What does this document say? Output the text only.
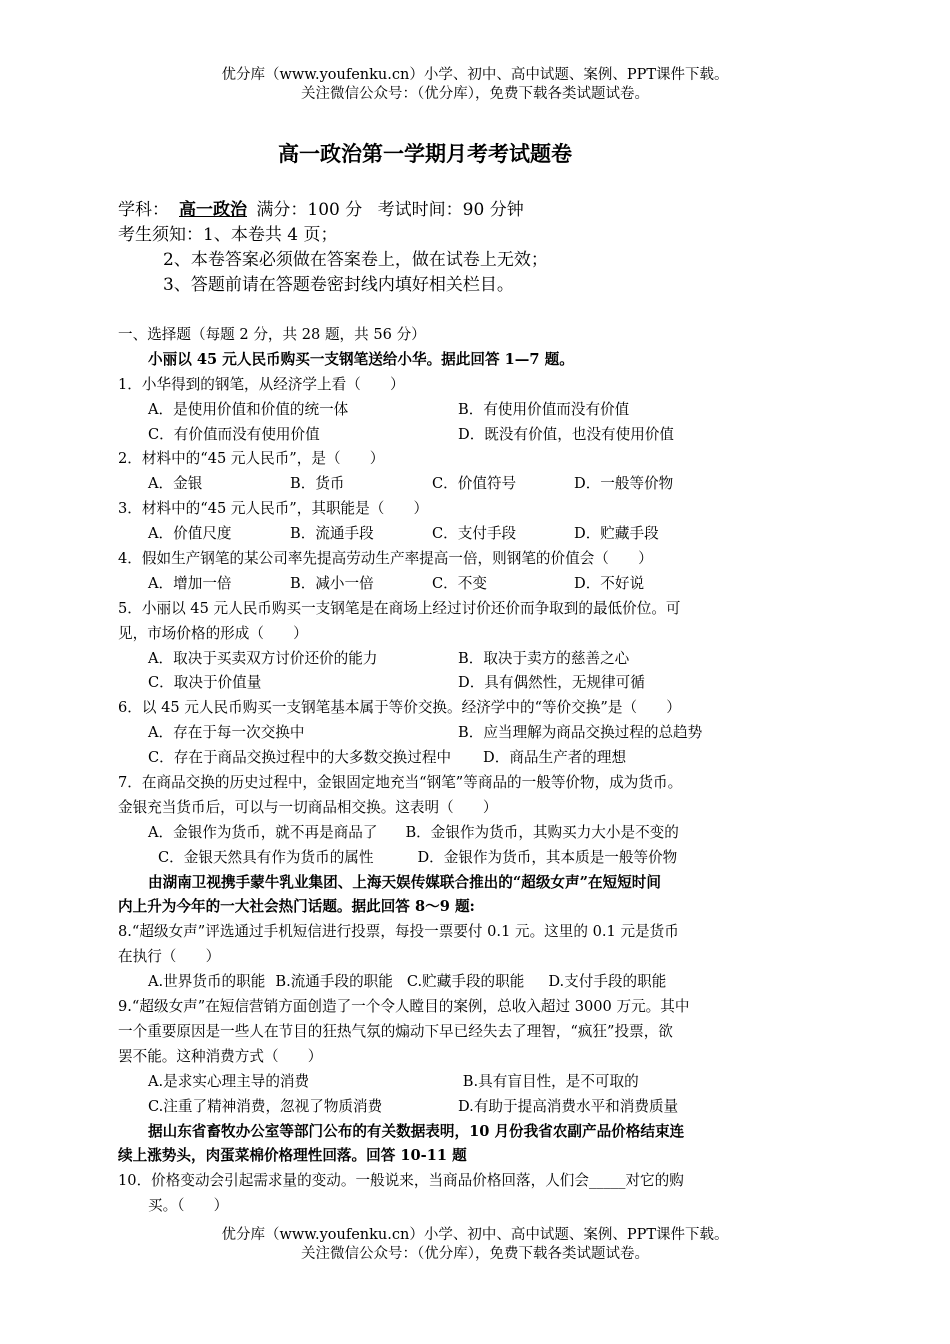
优分库（www.youfenku.cn）小学、初中、高中试题、案例、PPT课件下载。
关注微信公众号：（优分库），免费下载各类试题试卷。
高一政治第一学期月考考试题卷
学科： 高一政治 满分：100 分 考试时间：90 分钟
考生须知：1、本卷共 4 页；
2、本卷答案必须做在答案卷上，做在试卷上无效；
3、答题前请在答题卷密封线内填好相关栏目。
一、选择题（每题 2 分，共 28 题，共 56 分）
小丽以 45 元人民币购买一支钢笔送给小华。据此回答 1—7 题。
1．小华得到的钢笔，从经济学上看（　　）
A．是使用价值和价值的统一体	B．有使用价值而没有价值
C．有价值而没有使用价值	D．既没有价值，也没有使用价值
2．材料中的“45 元人民币”，是（　　）
A．金银	B．货币	C．价值符号	D．一般等价物
3．材料中的“45 元人民币”，其职能是（　　）
A．价值尺度	B．流通手段	C．支付手段	D．贮藏手段
4．假如生产钢笔的某公司率先提高劳动生产率提高一倍，则钢笔的价值会（　　）
A．增加一倍	B．减小一倍	C．不变	D．不好说
5．小丽以 45 元人民币购买一支钢笔是在商场上经过讨价还价而争取到的最低价位。可
见，市场价格的形成（　　）
A．取决于买卖双方讨价还价的能力	B．取决于卖方的慈善之心
C．取决于价值量	D．具有偶然性，无规律可循
6．以 45 元人民币购买一支钢笔基本属于等价交换。经济学中的“等价交换”是（　　）
A．存在于每一次交换中	B．应当理解为商品交换过程的总趋势
C．存在于商品交换过程中的大多数交换过程中 D．商品生产者的理想
7．在商品交换的历史过程中，金银固定地充当“钢笔”等商品的一般等价物，成为货币。
金银充当货币后，可以与一切商品相交换。这表明（　　）
A．金银作为货币，就不再是商品了 B．金银作为货币，其购买力大小是不变的
C．金银天然具有作为货币的属性	D．金银作为货币，其本质是一般等价物
由湖南卫视携手蒙牛乳业集团、上海天娱传媒联合推出的“超级女声”在短短时间
内上升为今年的一大社会热门话题。据此回答 8～9 题:
8.“超级女声”评选通过手机短信进行投票，每投一票要付 0.1 元。这里的 0.1 元是货币
在执行（　　）
A.世界货币的职能 B.流通手段的职能 C.贮藏手段的职能 D.支付手段的职能
9.“超级女声”在短信营销方面创造了一个令人瞠目的案例，总收入超过 3000 万元。其中
一个重要原因是一些人在节目的狂热气氛的煽动下早已经失去了理智，“疯狂”投票，欲
罢不能。这种消费方式（　　）
A.是求实心理主导的消费	B.具有盲目性，是不可取的
C.注重了精神消费，忽视了物质消费	D.有助于提高消费水平和消费质量
据山东省畜牧办公室等部门公布的有关数据表明，10 月份我省农副产品价格结束连
续上涨势头，肉蛋菜棉价格理性回落。回答 10-11 题
10．价格变动会引起需求量的变动。一般说来，当商品价格回落，人们会_____对它的购
买。（　　）
优分库（www.youfenku.cn）小学、初中、高中试题、案例、PPT课件下载。
关注微信公众号：（优分库），免费下载各类试题试卷。
